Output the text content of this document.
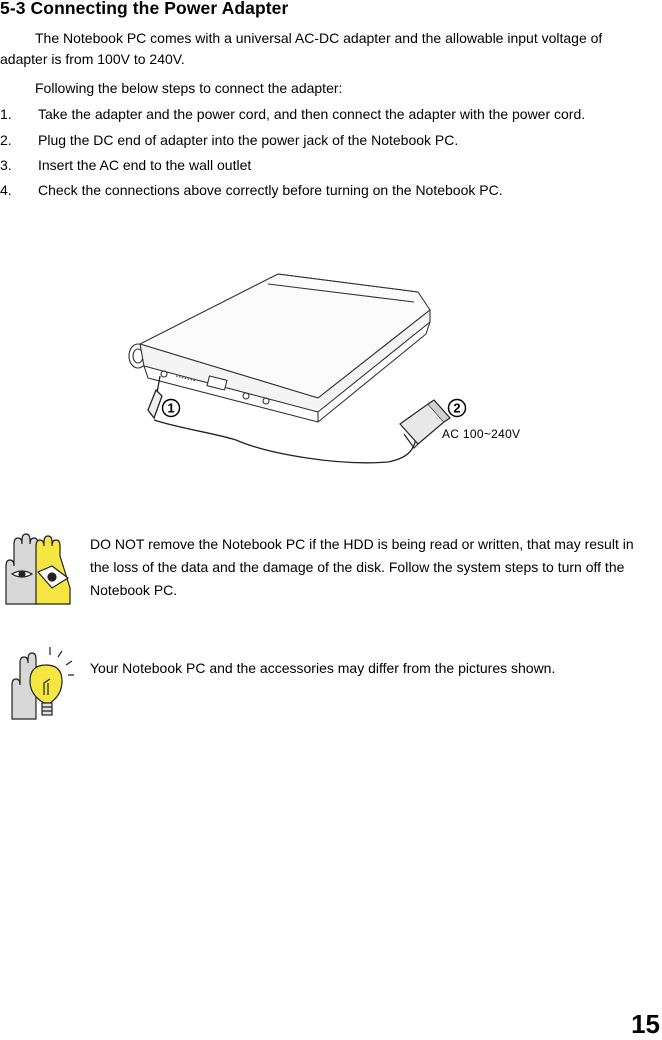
5-3 Connecting the Power Adapter

The Notebook PC comes with a universal AC-DC adapter and the allowable input voltage of adapter is from 100V to 240V.

Following the below steps to connect the adapter:

1. Take the adapter and the power cord, and then connect the adapter with the power cord.
2. Plug the DC end of adapter into the power jack of the Notebook PC.
3. Insert the AC end to the wall outlet
4. Check the connections above correctly before turning on the Notebook PC.
1	2
AC 100~240V

DO NOT remove the Notebook PC if the HDD is being read or written, that may result in the loss of the data and the damage of the disk. Follow the system steps to turn off the Notebook PC.

Your Notebook PC and the accessories may differ from the pictures shown.

15
